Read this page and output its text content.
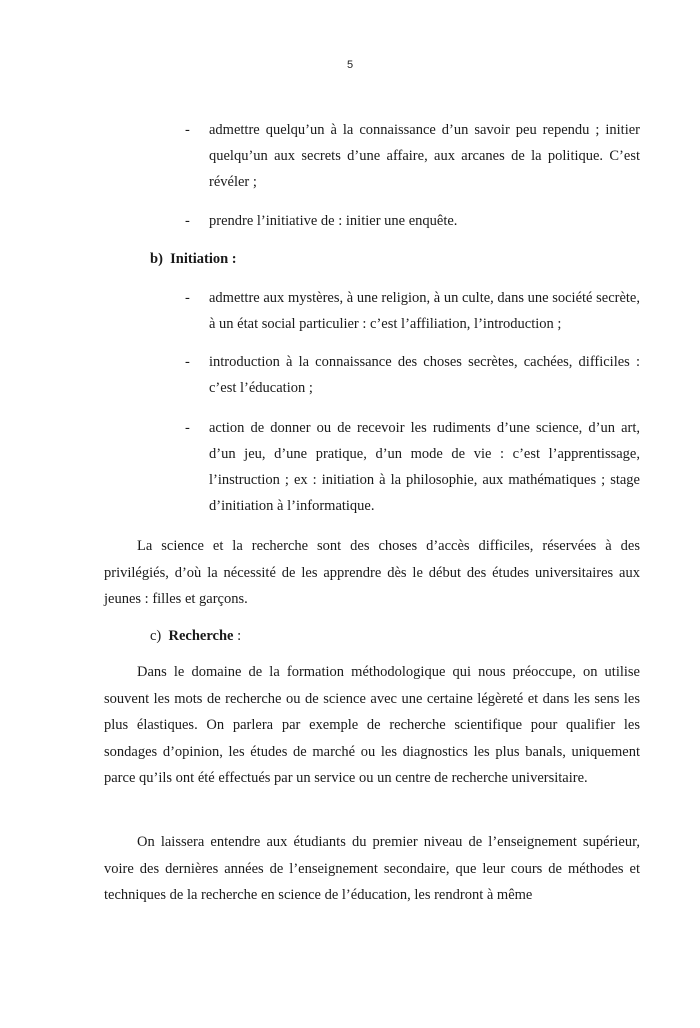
5
- admettre quelqu’un à la connaissance d’un savoir peu rependu ; initier quelqu’un aux secrets d’une affaire, aux arcanes de la politique. C’est révéler ;
- prendre l’initiative de : initier une enquête.
b) Initiation :
- admettre aux mystères, à une religion, à un culte, dans une société secrète, à un état social particulier : c’est l’affiliation, l’introduction ;
- introduction à la connaissance des choses secrètes, cachées, difficiles : c’est l’éducation ;
- action de donner ou de recevoir les rudiments d’une science, d’un art, d’un jeu, d’une pratique, d’un mode de vie : c’est l’apprentissage, l’instruction ; ex : initiation à la philosophie, aux mathématiques ; stage d’initiation à l’informatique.
La science et la recherche sont des choses d’accès difficiles, réservées à des privilégiés, d’où la nécessité de les apprendre dès le début des études universitaires aux jeunes : filles et garçons.
c) Recherche :
Dans le domaine de la formation méthodologique qui nous préoccupe, on utilise souvent les mots de recherche ou de science avec une certaine légèreté et dans les sens les plus élastiques. On parlera par exemple de recherche scientifique pour qualifier les sondages d’opinion, les études de marché ou les diagnostics les plus banals, uniquement parce qu’ils ont été effectués par un service ou un centre de recherche universitaire.
On laissera entendre aux étudiants du premier niveau de l’enseignement supérieur, voire des dernières années de l’enseignement secondaire, que leur cours de méthodes et techniques de la recherche en science de l’éducation, les rendront à même
